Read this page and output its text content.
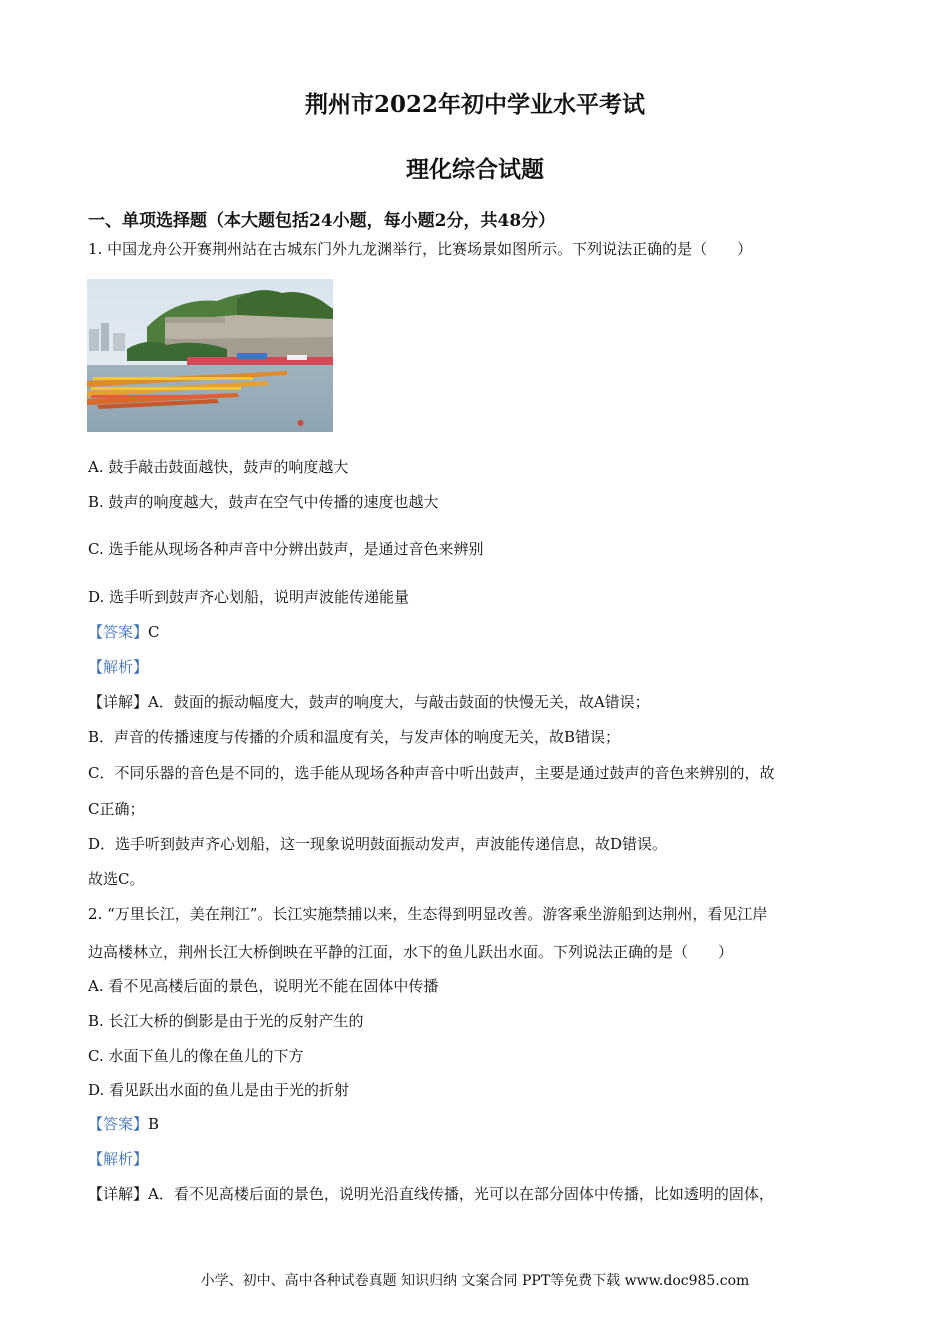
荆州市2022年初中学业水平考试
理化综合试题
一、单项选择题（本大题包括24小题，每小题2分，共48分）
1. 中国龙舟公开赛荆州站在古城东门外九龙渊举行，比赛场景如图所示。下列说法正确的是（　　）
●
A. 鼓手敲击鼓面越快，鼓声的响度越大
B. 鼓声的响度越大，鼓声在空气中传播的速度也越大
C. 选手能从现场各种声音中分辨出鼓声，是通过音色来辨别
D. 选手听到鼓声齐心划船，说明声波能传递能量
【答案】C
【解析】
【详解】A．鼓面的振动幅度大，鼓声的响度大，与敲击鼓面的快慢无关，故A错误；
B．声音的传播速度与传播的介质和温度有关，与发声体的响度无关，故B错误；
C．不同乐器的音色是不同的，选手能从现场各种声音中听出鼓声，主要是通过鼓声的音色来辨别的，故
C正确；
D．选手听到鼓声齐心划船，这一现象说明鼓面振动发声，声波能传递信息，故D错误。
故选C。
2. “万里长江，美在荆江”。长江实施禁捕以来，生态得到明显改善。游客乘坐游船到达荆州，看见江岸
边高楼林立，荆州长江大桥倒映在平静的江面，水下的鱼儿跃出水面。下列说法正确的是（　　）
A. 看不见高楼后面的景色，说明光不能在固体中传播
B. 长江大桥的倒影是由于光的反射产生的
C. 水面下鱼儿的像在鱼儿的下方
D. 看见跃出水面的鱼儿是由于光的折射
【答案】B
【解析】
【详解】A．看不见高楼后面的景色，说明光沿直线传播，光可以在部分固体中传播，比如透明的固体，
小学、初中、高中各种试卷真题 知识归纳 文案合同 PPT等免费下载 www.doc985.com
